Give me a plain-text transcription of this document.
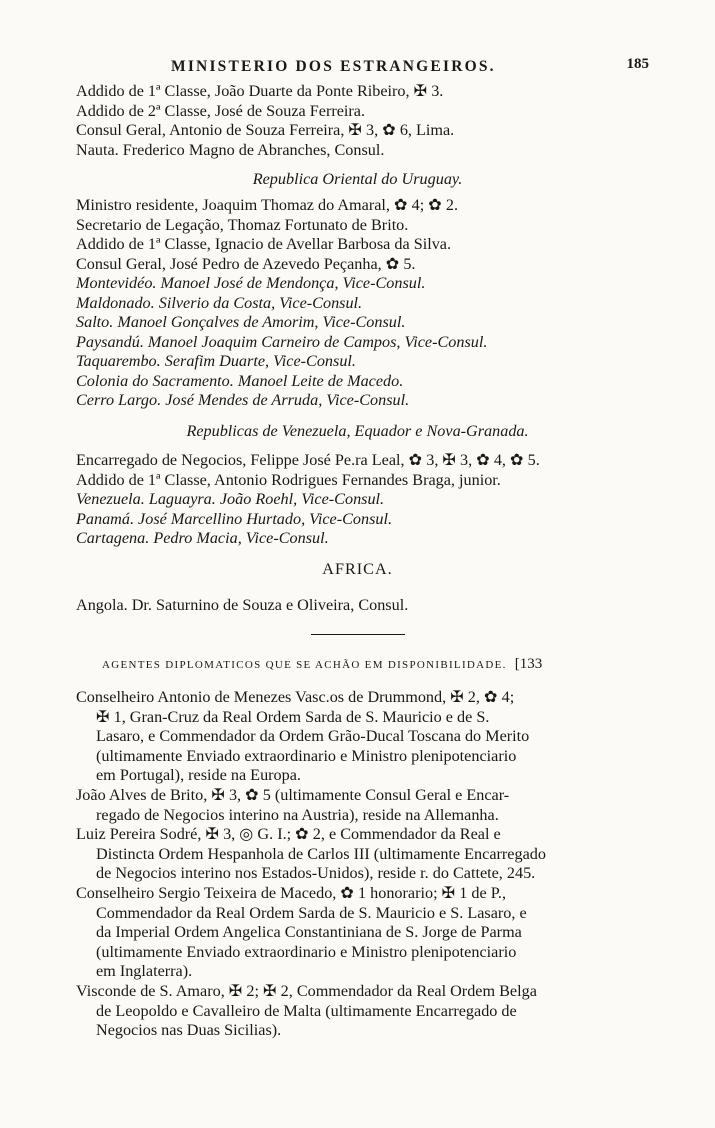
MINISTERIO DOS ESTRANGEIROS.	185
Addido de 1ª Classe, João Duarte da Ponte Ribeiro, ✠ 3.
Addido de 2ª Classe, José de Souza Ferreira.
Consul Geral, Antonio de Souza Ferreira, ✠ 3, ✿ 6, Lima.
Nauta. Frederico Magno de Abranches, Consul.
Republica Oriental do Uruguay.
Ministro residente, Joaquim Thomaz do Amaral, ✿ 4; ✿ 2.
Secretario de Legação, Thomaz Fortunato de Brito.
Addido de 1ª Classe, Ignacio de Avellar Barbosa da Silva.
Consul Geral, José Pedro de Azevedo Peçanha, ✿ 5.
Montevidéo. Manoel José de Mendonça, Vice-Consul.
Maldonado. Silverio da Costa, Vice-Consul.
Salto. Manoel Gonçalves de Amorim, Vice-Consul.
Paysandú. Manoel Joaquim Carneiro de Campos, Vice-Consul.
Taquarembo. Serafim Duarte, Vice-Consul.
Colonia do Sacramento. Manoel Leite de Macedo.
Cerro Largo. José Mendes de Arruda, Vice-Consul.
Republicas de Venezuela, Equador e Nova-Granada.
Encarregado de Negocios, Felippe José Pe.ra Leal, ✿ 3, ✠ 3, ✿ 4, ✿ 5.
Addido de 1ª Classe, Antonio Rodrigues Fernandes Braga, junior.
Venezuela. Laguayra. João Roehl, Vice-Consul.
Panamá. José Marcellino Hurtado, Vice-Consul.
Cartagena. Pedro Macia, Vice-Consul.
AFRICA.
Angola. Dr. Saturnino de Souza e Oliveira, Consul.
AGENTES DIPLOMATICOS QUE SE ACHÃO EM DISPONIBILIDADE. [133
Conselheiro Antonio de Menezes Vasc.os de Drummond, ✠ 2, ✿ 4;
✠ 1, Gran-Cruz da Real Ordem Sarda de S. Mauricio e de S.
Lasaro, e Commendador da Ordem Grão-Ducal Toscana do Merito
(ultimamente Enviado extraordinario e Ministro plenipotenciario
em Portugal), reside na Europa.
João Alves de Brito, ✠ 3, ✿ 5 (ultimamente Consul Geral e Encar-
regado de Negocios interino na Austria), reside na Allemanha.
Luiz Pereira Sodré, ✠ 3, ◎ G. I.; ✿ 2, e Commendador da Real e
Distincta Ordem Hespanhola de Carlos III (ultimamente Encarregado
de Negocios interino nos Estados-Unidos), reside r. do Cattete, 245.
Conselheiro Sergio Teixeira de Macedo, ✿ 1 honorario; ✠ 1 de P.,
Commendador da Real Ordem Sarda de S. Mauricio e S. Lasaro, e
da Imperial Ordem Angelica Constantiniana de S. Jorge de Parma
(ultimamente Enviado extraordinario e Ministro plenipotenciario
em Inglaterra).
Visconde de S. Amaro, ✠ 2; ✠ 2, Commendador da Real Ordem Belga
de Leopoldo e Cavalleiro de Malta (ultimamente Encarregado de
Negocios nas Duas Sicilias).
